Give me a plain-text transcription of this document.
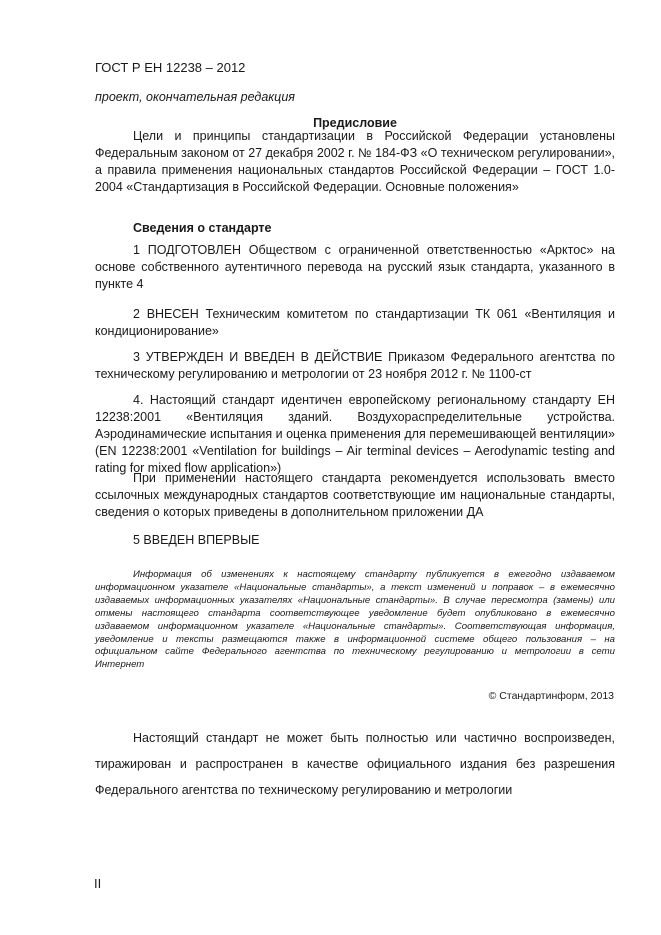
ГОСТ Р ЕН 12238 – 2012
проект, окончательная редакция
Предисловие

Цели и принципы стандартизации в Российской Федерации установлены Федеральным законом от 27 декабря 2002 г. № 184-ФЗ «О техническом регулировании», а правила применения национальных стандартов Российской Федерации – ГОСТ 1.0-2004 «Стандартизация в Российской Федерации. Основные положения»

Сведения о стандарте

1 ПОДГОТОВЛЕН Обществом с ограниченной ответственностью «Арктос» на основе собственного аутентичного перевода на русский язык стандарта, указанного в пункте 4

2 ВНЕСЕН Техническим комитетом по стандартизации ТК 061 «Вентиляция и кондиционирование»

3 УТВЕРЖДЕН И ВВЕДЕН В ДЕЙСТВИЕ Приказом Федерального агентства по техническому регулированию и метрологии от 23 ноября 2012 г. № 1100-ст

4. Настоящий стандарт идентичен европейскому региональному стандарту ЕН 12238:2001 «Вентиляция зданий. Воздухораспределительные устройства. Аэродинамические испытания и оценка применения для перемешивающей вентиляции» (EN 12238:2001 «Ventilation for buildings – Air terminal devices – Aerodynamic testing and rating for mixed flow application»)

При применении настоящего стандарта рекомендуется использовать вместо ссылочных международных стандартов соответствующие им национальные стандарты, сведения о которых приведены в дополнительном приложении ДА

5 ВВЕДЕН ВПЕРВЫЕ

Информация об изменениях к настоящему стандарту публикуется в ежегодно издаваемом информационном указателе «Национальные стандарты», а текст изменений и поправок – в ежемесячно издаваемых информационных указателях «Национальные стандарты». В случае пересмотра (замены) или отмены настоящего стандарта соответствующее уведомление будет опубликовано в ежемесячно издаваемом информационном указателе «Национальные стандарты». Соответствующая информация, уведомление и тексты размещаются также в информационной системе общего пользования – на официальном сайте Федерального агентства по техническому регулированию и метрологии в сети Интернет

© Стандартинформ, 2013

Настоящий стандарт не может быть полностью или частично воспроизведен, тиражирован и распространен в качестве официального издания без разрешения Федерального агентства по техническому регулированию и метрологии

II
